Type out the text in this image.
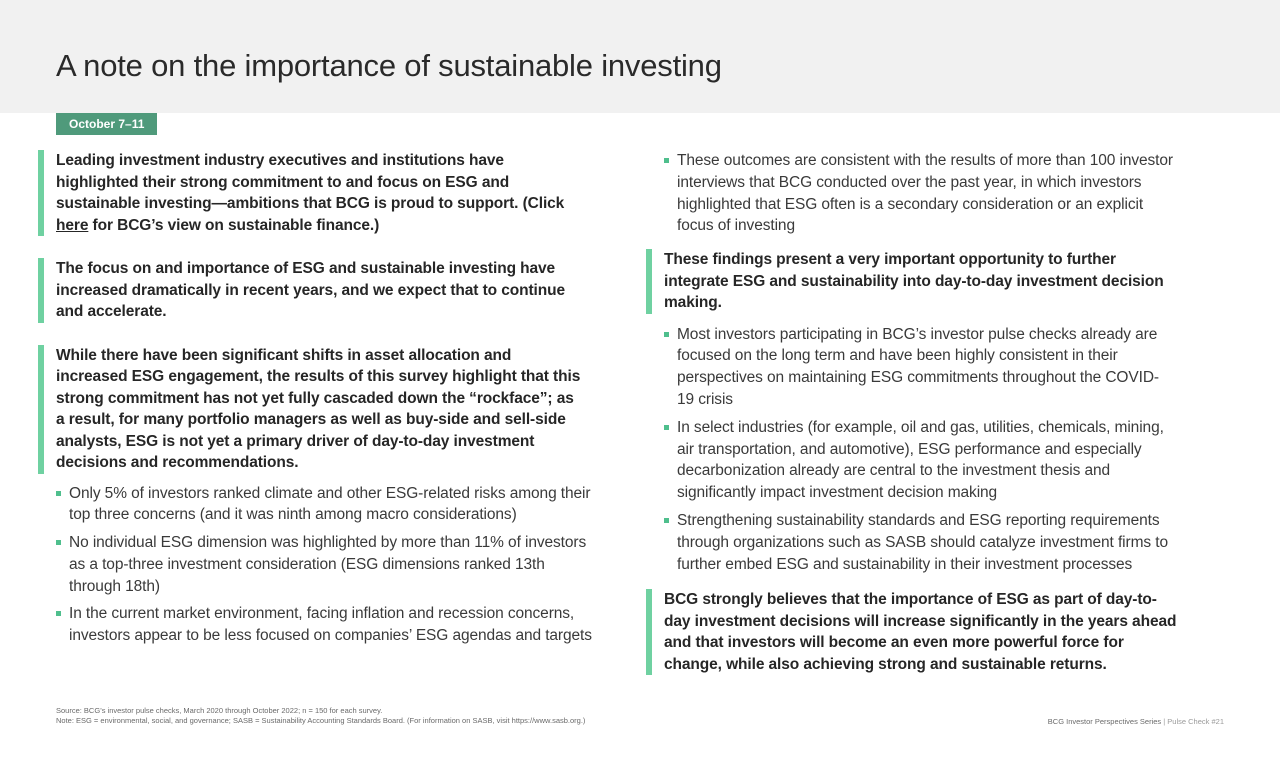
A note on the importance of sustainable investing
October 7–11
Leading investment industry executives and institutions have highlighted their strong commitment to and focus on ESG and sustainable investing—ambitions that BCG is proud to support. (Click here for BCG’s view on sustainable finance.)
The focus on and importance of ESG and sustainable investing have increased dramatically in recent years, and we expect that to continue and accelerate.
While there have been significant shifts in asset allocation and increased ESG engagement, the results of this survey highlight that this strong commitment has not yet fully cascaded down the “rockface”; as a result, for many portfolio managers as well as buy-side and sell-side analysts, ESG is not yet a primary driver of day-to-day investment decisions and recommendations.
Only 5% of investors ranked climate and other ESG-related risks among their top three concerns (and it was ninth among macro considerations)
No individual ESG dimension was highlighted by more than 11% of investors as a top-three investment consideration (ESG dimensions ranked 13th through 18th)
In the current market environment, facing inflation and recession concerns, investors appear to be less focused on companies’ ESG agendas and targets
These outcomes are consistent with the results of more than 100 investor interviews that BCG conducted over the past year, in which investors highlighted that ESG often is a secondary consideration or an explicit focus of investing
These findings present a very important opportunity to further integrate ESG and sustainability into day-to-day investment decision making.
Most investors participating in BCG’s investor pulse checks already are focused on the long term and have been highly consistent in their perspectives on maintaining ESG commitments throughout the COVID-19 crisis
In select industries (for example, oil and gas, utilities, chemicals, mining, air transportation, and automotive), ESG performance and especially decarbonization already are central to the investment thesis and significantly impact investment decision making
Strengthening sustainability standards and ESG reporting requirements through organizations such as SASB should catalyze investment firms to further embed ESG and sustainability in their investment processes
BCG strongly believes that the importance of ESG as part of day-to-day investment decisions will increase significantly in the years ahead and that investors will become an even more powerful force for change, while also achieving strong and sustainable returns.
Source: BCG’s investor pulse checks, March 2020 through October 2022; n = 150 for each survey.
Note: ESG = environmental, social, and governance; SASB = Sustainability Accounting Standards Board. (For information on SASB, visit https://www.sasb.org.)	BCG Investor Perspectives Series | Pulse Check #21
